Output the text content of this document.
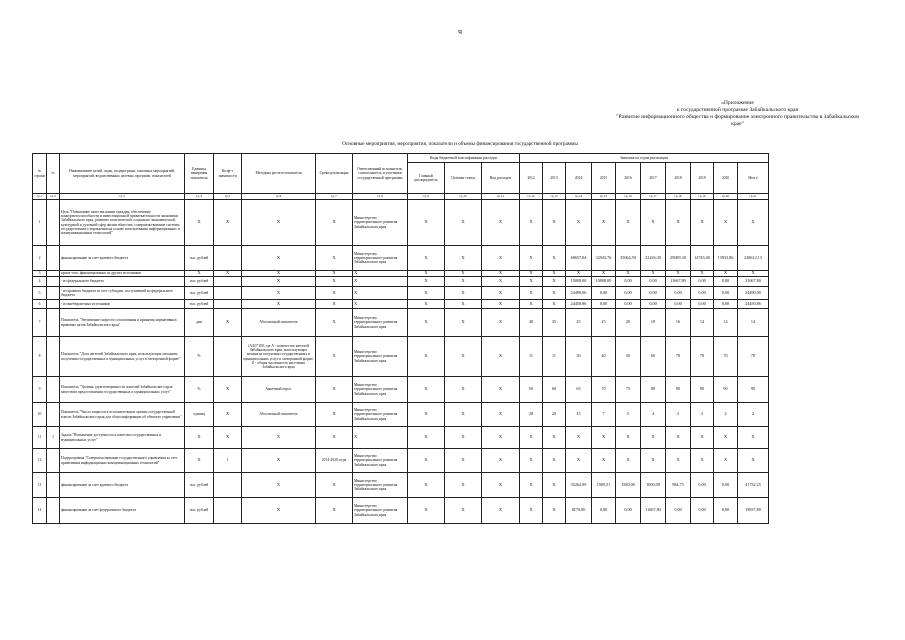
ч
«Приложение
к государственной программе Забайкальского края
"Развитие информационного общества и формирование электронного правительства в Забайкальском крае"
Основные мероприятия, мероприятия, показатели и объемы финансирования государственной программы
№ строки	№	Наименование целей, задач, подпрограмм, основных мероприятий, мероприятий, ведомственных целевых программ, показателей	Единица измерения показателя	Коэф-т значимости	Методика расчета показателя	Сроки реализации	Ответственный исполнитель, соисполнитель и участники государственной программы	Коды бюджетной классификации расходов			Значения по годам реализации									
								Главный распорядитель	Целевая статья	Вид расходов	2012	2013	2014	2015	2016	2017	2018	2019	2020	Итого
гр.1	гр.2	гр.3	гр.4	гр.5	гр.6	гр.7	гр.8	гр.9	гр.10	гр.11	гр.12	гр.13	гр.14	гр.15	гр.16	гр.17	гр.18	гр.19	гр.20	гр.21
1		Цель "Повышение качества жизни граждан, обеспечение конкурентоспособности и инвестиционной привлекательности экономики Забайкальского края, развитие политической, социально-экономической, культурной и духовной сфер жизни общества, совершенствование системы государственного управления на основе использования информационных и коммуникационных технологий"	Х	Х	Х	Х	Министерство территориального развития Забайкальского края	Х	Х	Х	Х	Х	Х	Х	Х	Х	Х	Х	Х	Х
2		финансирование за счет краевого бюджета	тыс. рублей		Х	Х	Министерство территориального развития Забайкальского края	Х	Х	Х	Х	Х	68657,04	32943,76	35064,59	22226,30	29689,30	14745,00	13933,86	228612,13
3		кроме того, финансирование из других источников	Х	Х	Х	Х	Х	Х	Х	Х	Х	Х	Х	Х	Х	Х	Х	Х	Х	Х
4		- из федерального бюджета	тыс. рублей		Х	Х	Х	Х	Х	Х	Х	Х	10000,00	10000,00	0,00	0,00	11667,80	0,00	0,00	31667,80
5		- из краевого бюджета за счет субсидии, поступившей из федерального бюджета	тыс. рублей		Х	Х	Х	Х	Х	Х	Х	Х	24490,00	0,00	0,00	0,00	0,00	0,00	0,00	24490,00
6		- из внебюджетных источников	тыс. рублей		Х	Х	Х	Х	Х	Х	Х	Х	24450,86	0,00	0,00	0,00	0,00	0,00	0,00	24450,86
7		Показатель "Увеличение скорости согласования и принятия нормативных правовых актов Забайкальского края"	дни	Х	Абсолютный показатель	Х	Министерство территориального развития Забайкальского края	Х	Х	Х	40	35	25	25	20	18	16	14	14	14
8		Показатель "Доля жителей Забайкальского края, использующих механизм получения государственных и муниципальных услуг в электронной форме"	%		(А/Б)*100, где А - количество жителей Забайкальского края, использующих механизм получения государственных и муниципальных услуг в электронной форме; Б - общая численность населения Забайкальского края	Х	Министерство территориального развития Забайкальского края	Х	Х	Х	11	11	30	40	50	60	70	70	70	70
9		Показатель "Уровень удовлетворенности жителей Забайкальского края качеством предоставления государственных и муниципальных услуг"	%	Х	Анкетный опрос	Х	Министерство территориального развития Забайкальского края	Х	Х	Х	50	60	65	70	75	80	90	90	90	90
10		Показатель "Число запросов в исполнительные органы государственной власти Забайкальского края для сбора информации об объектах управления"	единиц	Х	Абсолютный показатель	Х	Министерство территориального развития Забайкальского края	Х	Х	Х	28	20	15	7	5	4	2	2	2	2
11	1	Задача "Повышение доступности и качества государственных и муниципальных услуг"	Х	Х	Х	Х	Х	Х	Х	Х	Х	Х	Х	Х	Х	Х	Х	Х	Х	Х
12		Подпрограмма "Совершенствование государственного управления за счет применения информационно-коммуникационных технологий"	Х	1	Х	2014-2020 годы	Министерство территориального развития Забайкальского края	Х	Х	Х	Х	Х	Х	Х	Х	Х	Х	Х	Х	Х
13		финансирование за счет краевого бюджета	тыс. рублей		Х	Х	Министерство территориального развития Забайкальского края	Х	Х	Х	Х	Х	35262,99	1909,51	1580,00	1000,00	984,75	0,00	0,00	41732,25
14		финансирование за счет федерального бюджета	тыс. рублей		Х	Х	Министерство территориального развития Забайкальского края	Х	Х	Х	Х	Х	8170,00	0,00	0,00	11667,80	0,00	0,00	0,00	19837,80
